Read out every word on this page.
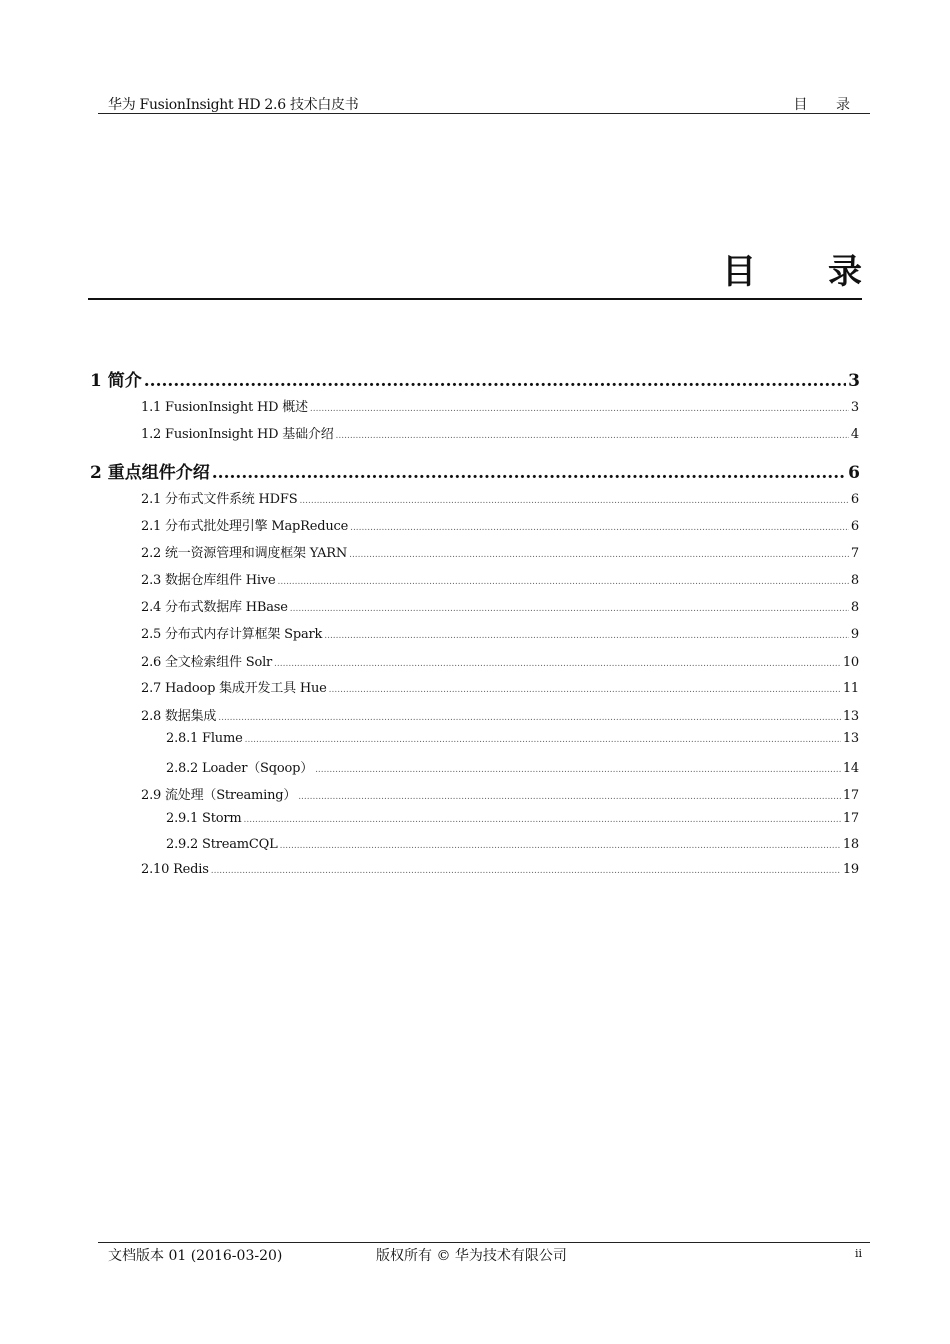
华为 FusionInsight HD 2.6 技术白皮书	目 录
目 录
1 简介 .....	3
1.1 FusionInsight HD 概述 .....	3
1.2 FusionInsight HD 基础介绍 .....	4
2 重点组件介绍 .....	6
2.1 分布式文件系统 HDFS .....	6
2.1 分布式批处理引擎 MapReduce .....	6
2.2 统一资源管理和调度框架 YARN .....	7
2.3 数据仓库组件 Hive .....	8
2.4 分布式数据库 HBase .....	8
2.5 分布式内存计算框架 Spark .....	9
2.6 全文检索组件 Solr .....	10
2.7 Hadoop 集成开发工具 Hue .....	11
2.8 数据集成 .....	13
2.8.1 Flume .....	13
2.8.2 Loader（Sqoop） .....	14
2.9 流处理（Streaming） .....	17
2.9.1 Storm .....	17
2.9.2 StreamCQL .....	18
2.10 Redis .....	19
文档版本 01 (2016-03-20)	版权所有 © 华为技术有限公司	ii
